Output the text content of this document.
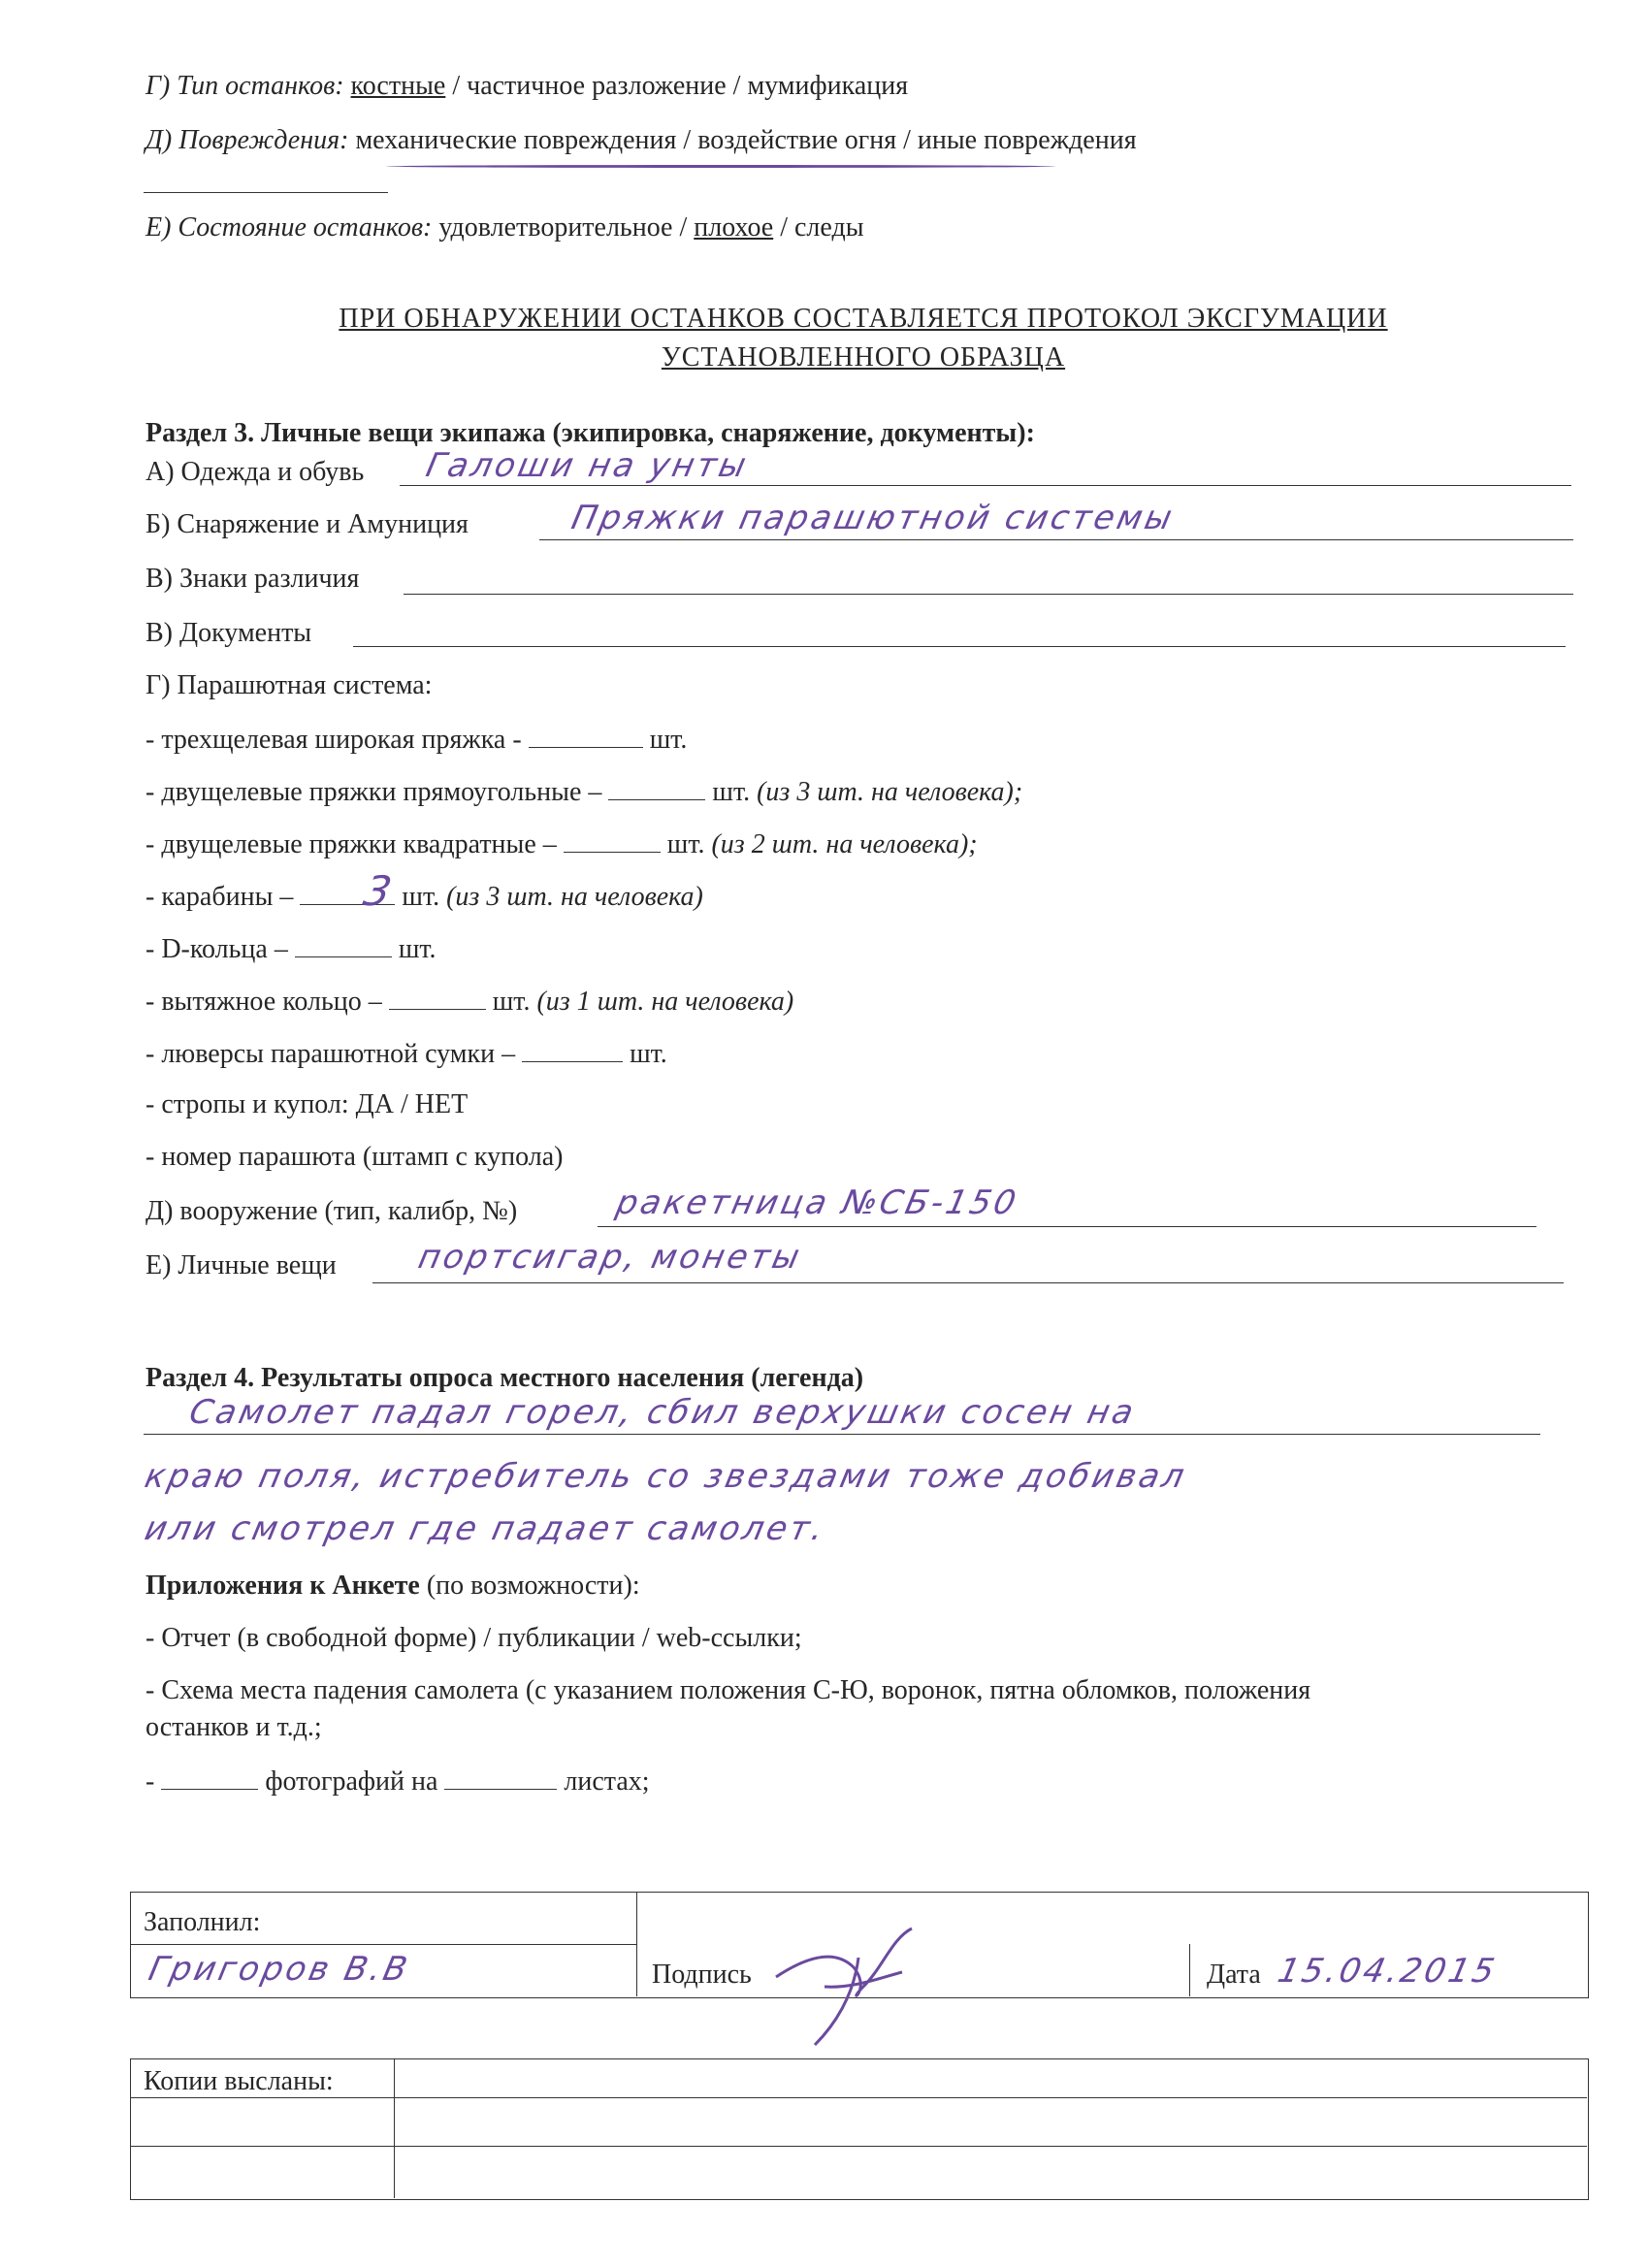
Г) Тип останков: костные / частичное разложение / мумификация
Д) Повреждения: механические повреждения / воздействие огня / иные повреждения
Е) Состояние останков: удовлетворительное / плохое / следы
ПРИ ОБНАРУЖЕНИИ ОСТАНКОВ СОСТАВЛЯЕТСЯ ПРОТОКОЛ ЭКСГУМАЦИИ
УСТАНОВЛЕННОГО ОБРАЗЦА
Раздел 3. Личные вещи экипажа (экипировка, снаряжение, документы):
А) Одежда и обувь Галоши на унты
Б) Снаряжение и Амуниция	Пряжки парашютной системы
В) Знаки различия
В) Документы
Г) Парашютная система:
- трехщелевая широкая пряжка -	шт.
- двущелевые пряжки прямоугольные –	шт. (из 3 шт. на человека);
- двущелевые пряжки квадратные –	шт. (из 2 шт. на человека);
- карабины –	шт. (из 3 шт. на человека)
3
- D-кольца –	шт.
- вытяжное кольцо –	шт. (из 1 шт. на человека)
- люверсы парашютной сумки –	шт.
- стропы и купол: ДА / НЕТ
- номер парашюта (штамп с купола)
Д) вооружение (тип, калибр, №)	ракетница №СБ-150
Е) Личные вещи портсигар, монеты
Раздел 4. Результаты опроса местного населения (легенда)
Самолет падал горел, сбил верхушки сосен на
краю поля, истребитель со звездами тоже добивал
или смотрел где падает самолет.
Приложения к Анкете (по возможности):
- Отчет (в свободной форме) / публикации / web-ссылки;
- Схема места падения самолета (с указанием положения С-Ю, воронок, пятна обломков, положения
останков и т.д.;
-	фотографий на	листах;
Заполнил:
Григоров В.В	Подпись	Дата 15.04.2015
Копии высланы:
